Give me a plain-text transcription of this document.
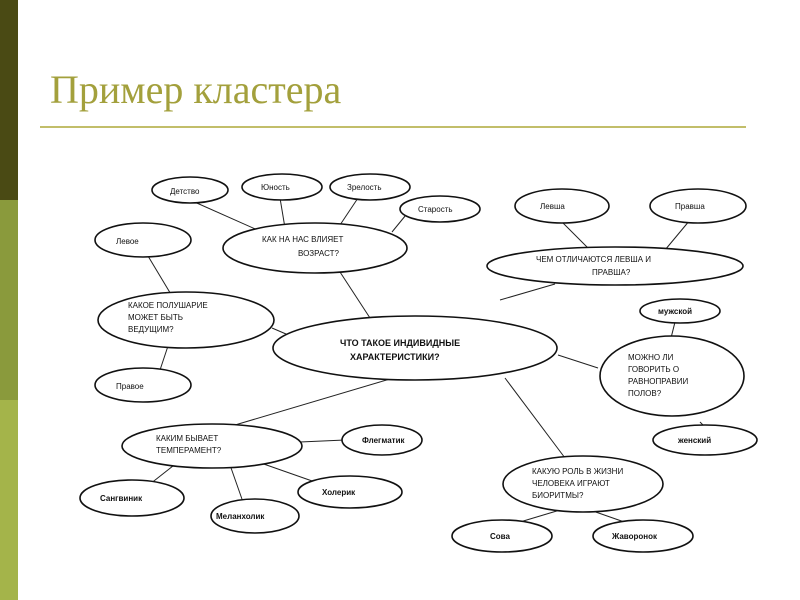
Пример кластера
ЧТО ТАКОЕ ИНДИВИДНЫЕ
ХАРАКТЕРИСТИКИ?
КАК НА НАС ВЛИЯЕТ
ВОЗРАСТ?
Детство	Юность	Зрелость
Старость
Левое
КАКОЕ ПОЛУШАРИЕ
МОЖЕТ БЫТЬ
ВЕДУЩИМ?
Правое
Левша	Правша
ЧЕМ ОТЛИЧАЮТСЯ ЛЕВША И
ПРАВША?
мужской
МОЖНО ЛИ
ГОВОРИТЬ О
РАВНОПРАВИИ
ПОЛОВ?
женский
КАКИМ БЫВАЕТ
ТЕМПЕРАМЕНТ?
Флегматик
Холерик
Сангвиник
Меланхолик
КАКУЮ РОЛЬ В ЖИЗНИ
ЧЕЛОВЕКА ИГРАЮТ
БИОРИТМЫ?
Сова	Жаворонок
